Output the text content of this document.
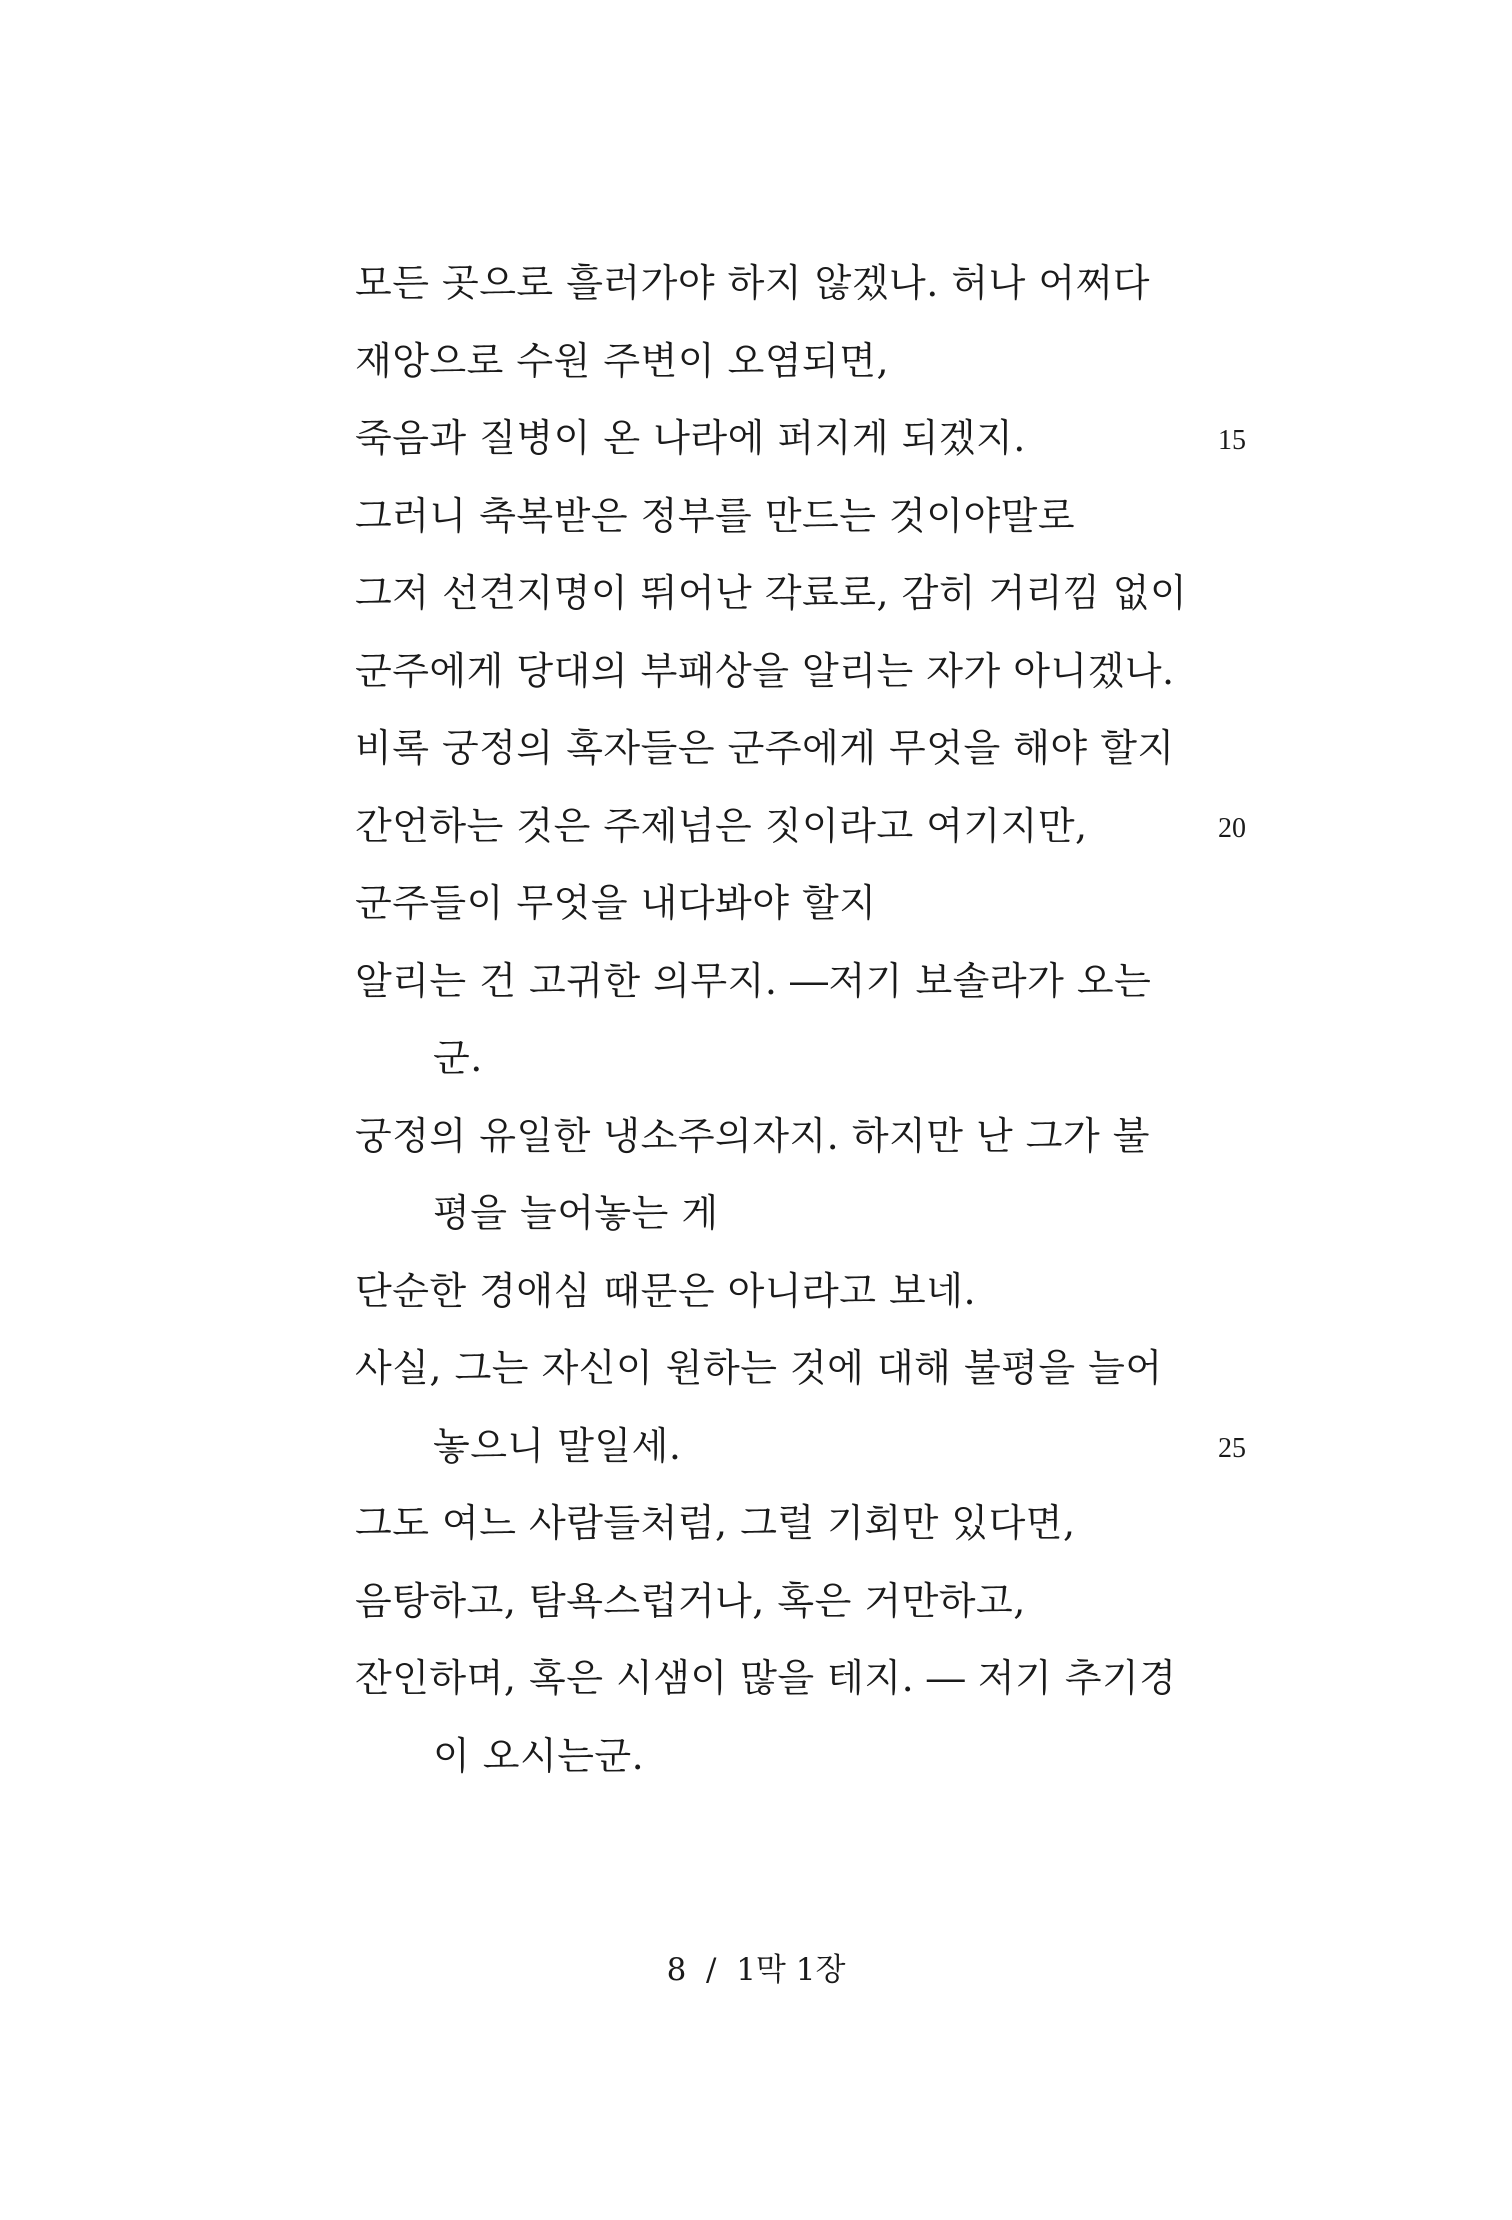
모든 곳으로 흘러가야 하지 않겠나. 허나 어쩌다
재앙으로 수원 주변이 오염되면,
죽음과 질병이 온 나라에 퍼지게 되겠지.	15
그러니 축복받은 정부를 만드는 것이야말로
그저 선견지명이 뛰어난 각료로, 감히 거리낌 없이
군주에게 당대의 부패상을 알리는 자가 아니겠나.
비록 궁정의 혹자들은 군주에게 무엇을 해야 할지
간언하는 것은 주제넘은 짓이라고 여기지만,	20
군주들이 무엇을 내다봐야 할지
알리는 건 고귀한 의무지. ―저기 보솔라가 오는
군.
궁정의 유일한 냉소주의자지. 하지만 난 그가 불
평을 늘어놓는 게
단순한 경애심 때문은 아니라고 보네.
사실, 그는 자신이 원하는 것에 대해 불평을 늘어
놓으니 말일세.	25
그도 여느 사람들처럼, 그럴 기회만 있다면,
음탕하고, 탐욕스럽거나, 혹은 거만하고,
잔인하며, 혹은 시샘이 많을 테지. ― 저기 추기경
이 오시는군.
8 / 1막 1장
